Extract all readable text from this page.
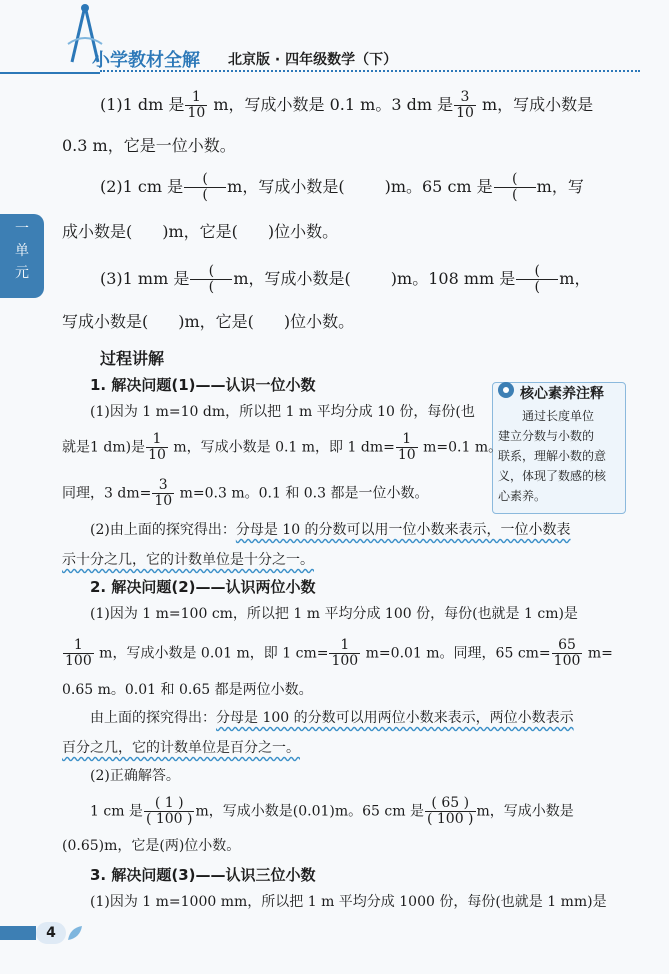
小学教材全解 北京版 · 四年级数学（下）
一
单
元
(1)1 dm 是 $\frac{1}{10}$ m，写成小数是 0.1 m。3 dm 是 $\frac{3}{10}$ m，写成小数是
0.3 m，它是一位小数。
(2)1 cm 是 $\frac{(}{(}$ m，写成小数是(	)m。65 cm 是 $\frac{(}{(}$ m，写
成小数是( )m，它是( )位小数。
(3)1 mm 是 $\frac{(}{(}$ m，写成小数是(	)m。108 mm 是 $\frac{(}{(}$ m，
写成小数是( )m，它是( )位小数。
过程讲解
核心素养注释
通过长度单位
建立分数与小数的
联系，理解小数的意
义，体现了数感的核
心素养。
1. 解决问题(1)——认识一位小数
(1)因为 1 m=10 dm，所以把 1 m 平均分成 10 份，每份(也
就是1 dm)是 $\frac{1}{10}$ m，写成小数是 0.1 m，即 1 $dm= \frac{1}{10} m=0.1$ m。
同理，3 $dm= \frac{3}{10} m=0.3$ m。0.1 和 0.3 都是一位小数。
(2)由上面的探究得出：分母是 10 的分数可以用一位小数来表示，一位小数表
示十分之几，它的计数单位是十分之一。
2. 解决问题(2)——认识两位小数
(1)因为 1 m=100 cm，所以把 1 m 平均分成 100 份，每份(也就是 1 cm)是
$\frac{1}{100}$ m，写成小数是 0.01 m，即 1 $cm= \frac{1}{100} m=0.01$ m。同理，65 $cm= \frac{65}{100} m=$
0.65 m。0.01 和 0.65 都是两位小数。
由上面的探究得出：分母是 100 的分数可以用两位小数来表示，两位小数表示
百分之几，它的计数单位是百分之一。
(2)正确解答。
1 cm 是 $\frac{( 1 )}{( 100 )}$ m，写成小数是(0.01)m。65 cm 是 $\frac{( 65 )}{( 100 )}$ m，写成小数是
(0.65)m，它是(两)位小数。
3. 解决问题(3)——认识三位小数
(1)因为 1 m=1000 mm，所以把 1 m 平均分成 1000 份，每份(也就是 1 mm)是
4
